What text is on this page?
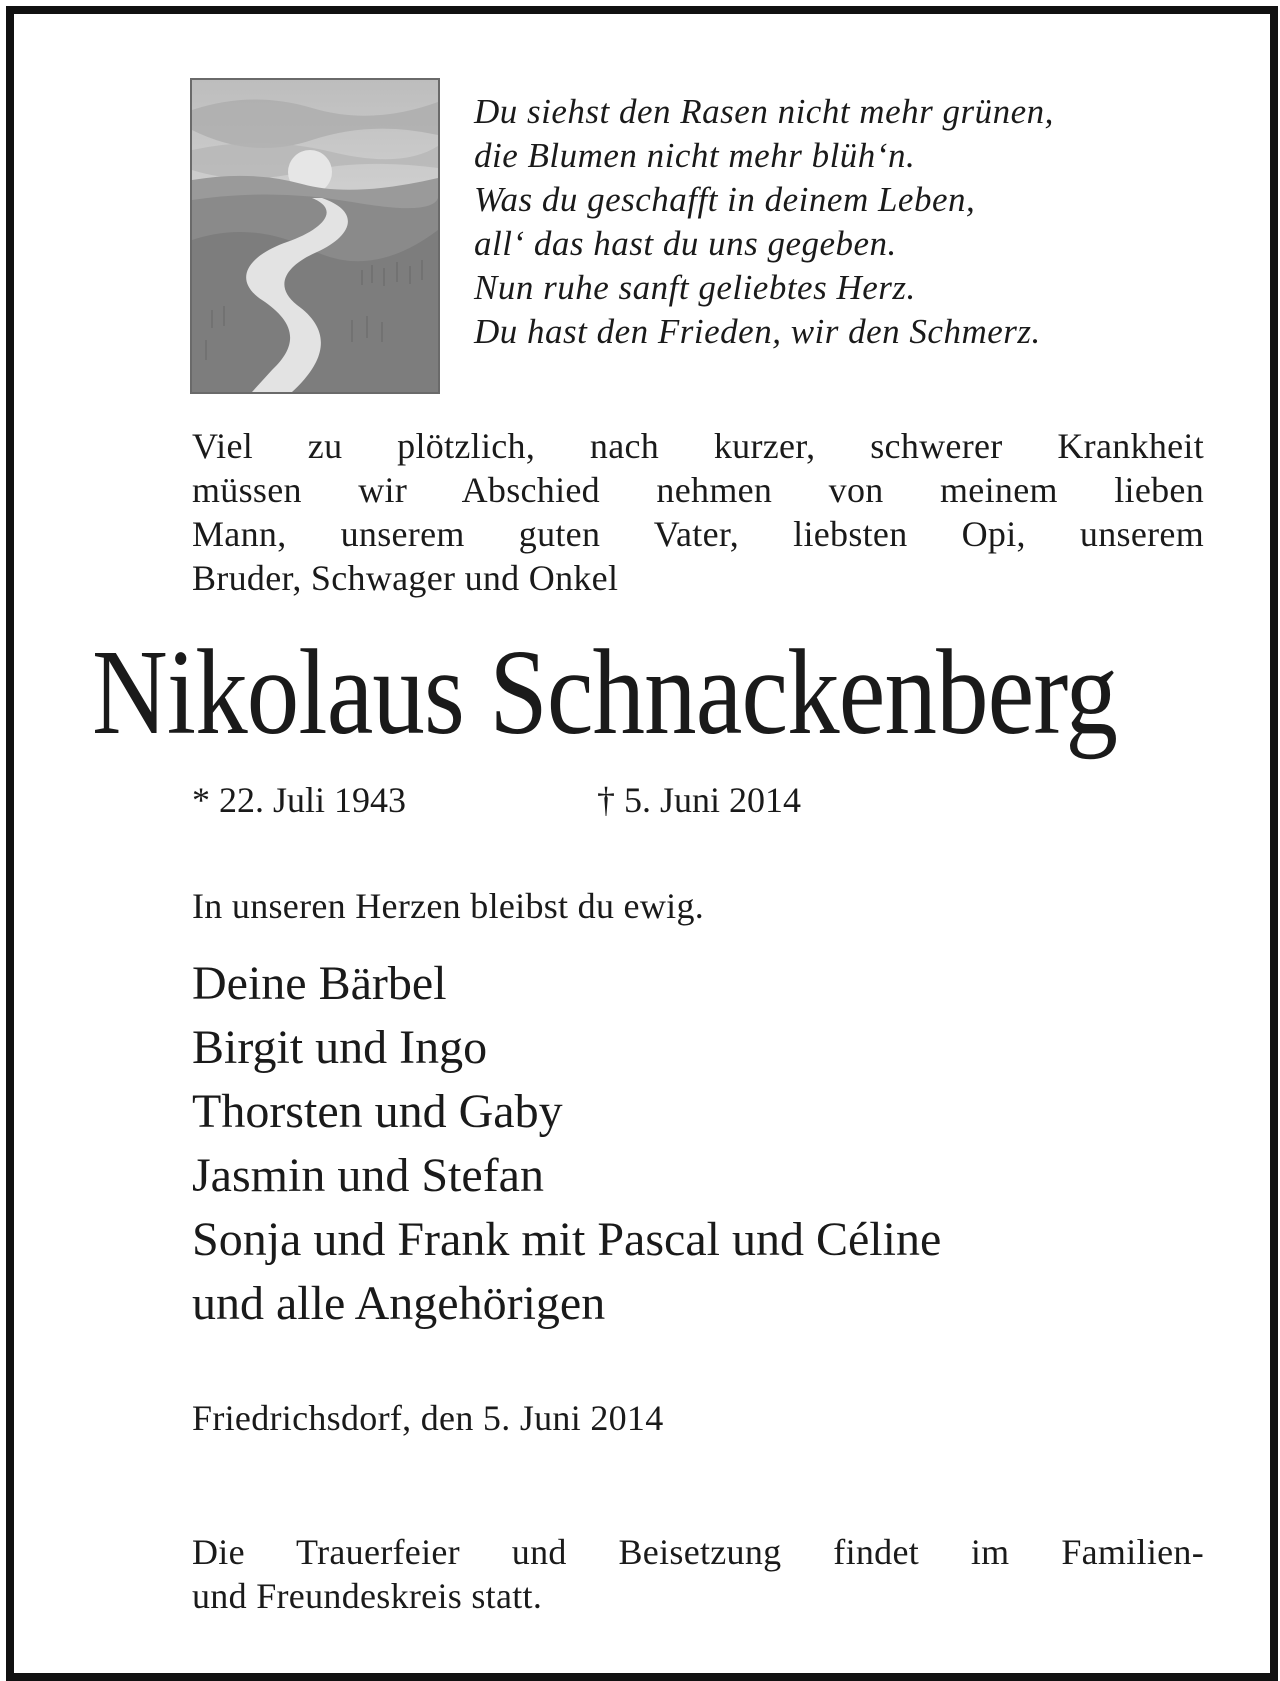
Du siehst den Rasen nicht mehr grünen,
die Blumen nicht mehr blüh‘n.
Was du geschafft in deinem Leben,
all‘ das hast du uns gegeben.
Nun ruhe sanft geliebtes Herz.
Du hast den Frieden, wir den Schmerz.
Viel zu plötzlich, nach kurzer, schwerer Krankheit
müssen wir Abschied nehmen von meinem lieben
Mann, unserem guten Vater, liebsten Opi, unserem
Bruder, Schwager und Onkel
Nikolaus Schnackenberg
* 22. Juli 1943	† 5. Juni 2014
In unseren Herzen bleibst du ewig.
Deine Bärbel
Birgit und Ingo
Thorsten und Gaby
Jasmin und Stefan
Sonja und Frank mit Pascal und Céline
und alle Angehörigen
Friedrichsdorf, den 5. Juni 2014
Die Trauerfeier und Beisetzung findet im Familien-
und Freundeskreis statt.
